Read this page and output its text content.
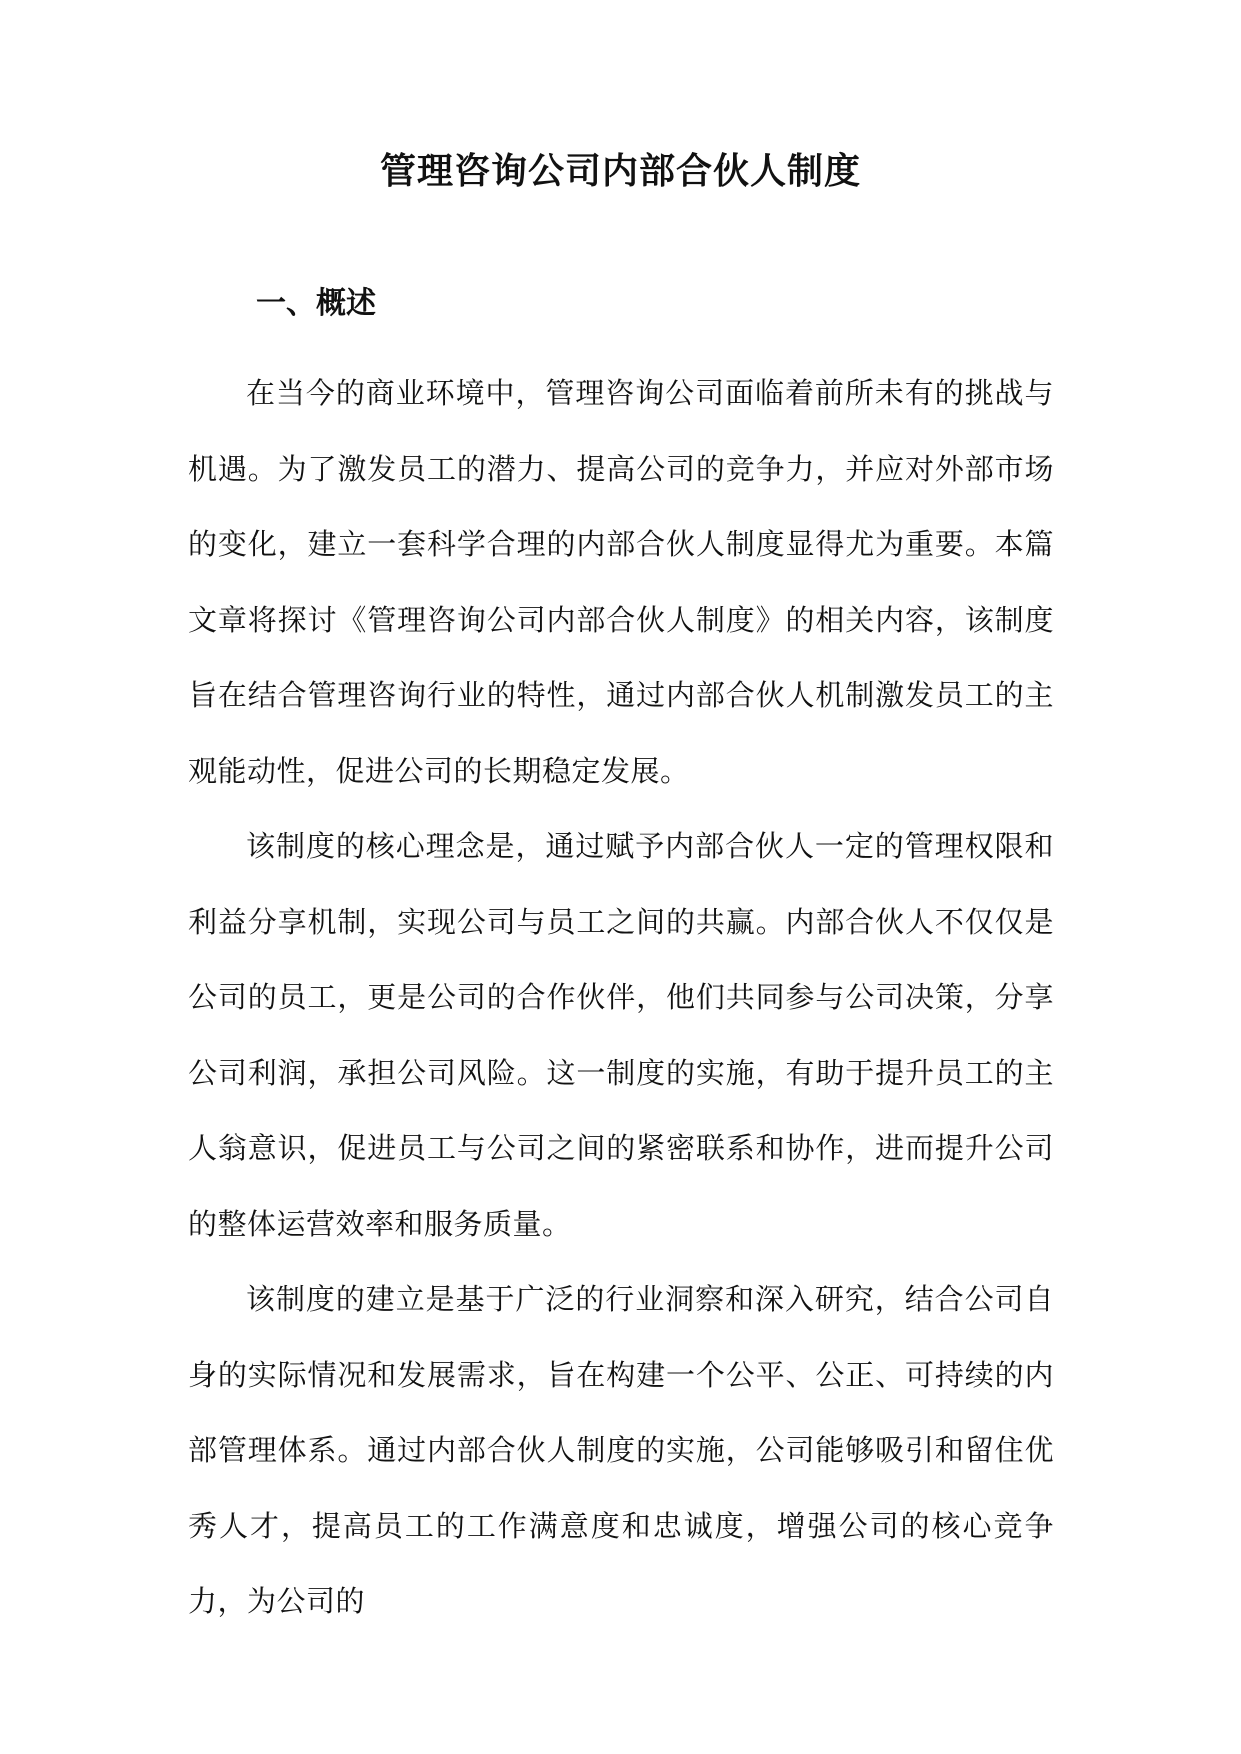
管理咨询公司内部合伙人制度
一、概述

在当今的商业环境中，管理咨询公司面临着前所未有的挑战与机遇。为了激发员工的潜力、提高公司的竞争力，并应对外部市场的变化，建立一套科学合理的内部合伙人制度显得尤为重要。本篇文章将探讨《管理咨询公司内部合伙人制度》的相关内容，该制度旨在结合管理咨询行业的特性，通过内部合伙人机制激发员工的主观能动性，促进公司的长期稳定发展。

该制度的核心理念是，通过赋予内部合伙人一定的管理权限和利益分享机制，实现公司与员工之间的共赢。内部合伙人不仅仅是公司的员工，更是公司的合作伙伴，他们共同参与公司决策，分享公司利润，承担公司风险。这一制度的实施，有助于提升员工的主人翁意识，促进员工与公司之间的紧密联系和协作，进而提升公司的整体运营效率和服务质量。

该制度的建立是基于广泛的行业洞察和深入研究，结合公司自身的实际情况和发展需求，旨在构建一个公平、公正、可持续的内部管理体系。通过内部合伙人制度的实施，公司能够吸引和留住优秀人才，提高员工的工作满意度和忠诚度，增强公司的核心竞争力，为公司的
